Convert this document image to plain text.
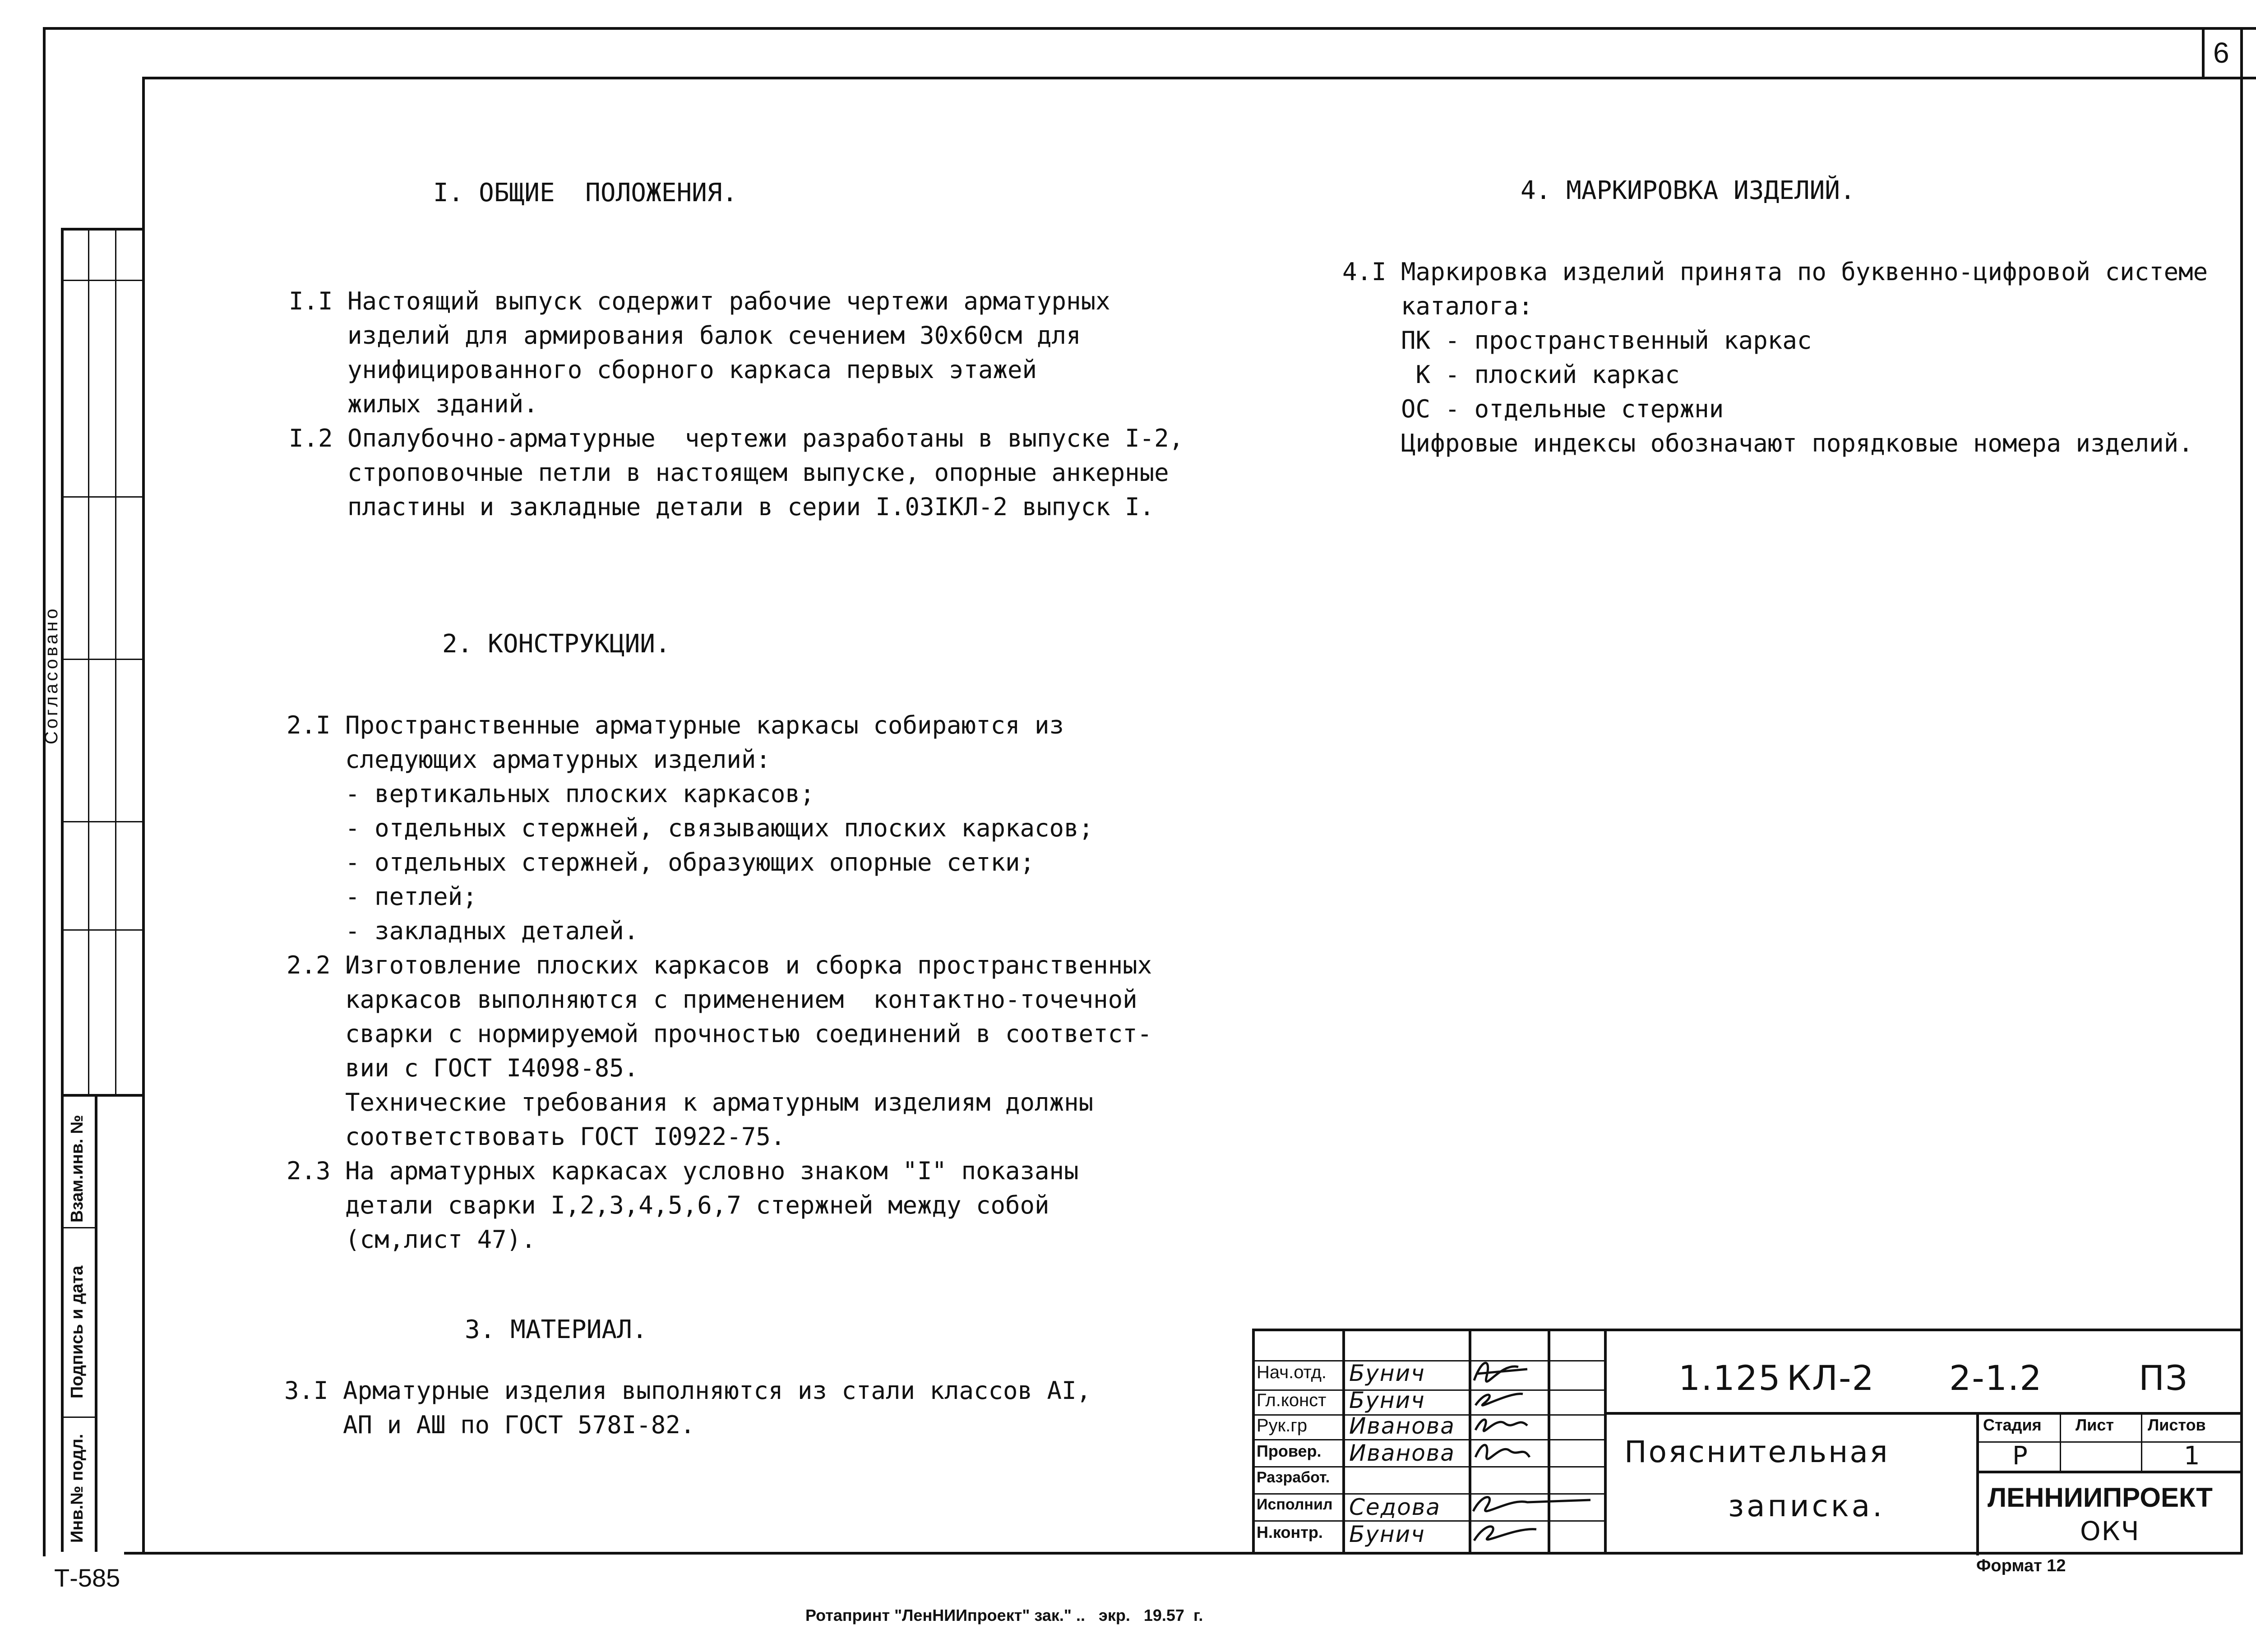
6
Согласовано
Взам.инв. №
Подпись и дата
Инв.№ подл.
Т-585
I. ОБЩИЕ  ПОЛОЖЕНИЯ.
I.I Настоящий выпуск содержит рабочие чертежи арматурных
изделий для армирования балок сечением 30х60см для
унифицированного сборного каркаса первых этажей
жилых зданий.
I.2 Опалубочно-арматурные  чертежи разработаны в выпуске I-2,
строповочные петли в настоящем выпуске, опорные анкерные
пластины и закладные детали в серии I.03IКЛ-2 выпуск I.
2. КОНСТРУКЦИИ.
2.I Пространственные арматурные каркасы собираются из
следующих арматурных изделий:
- вертикальных плоских каркасов;
- отдельных стержней, связывающих плоских каркасов;
- отдельных стержней, образующих опорные сетки;
- петлей;
- закладных деталей.
2.2 Изготовление плоских каркасов и сборка пространственных
каркасов выполняются с применением  контактно-точечной
сварки с нормируемой прочностью соединений в соответст-
вии с ГОСТ I4098-85.
Технические требования к арматурным изделиям должны
соответствовать ГОСТ I0922-75.
2.3 На арматурных каркасах условно знаком "I" показаны
детали сварки I,2,3,4,5,6,7 стержней между собой
(см,лист 47).
3. МАТЕРИАЛ.
3.I Арматурные изделия выполняются из стали классов АI,
АП и АШ по ГОСТ 578I-82.
4. МАРКИРОВКА ИЗДЕЛИЙ.
4.I Маркировка изделий принята по буквенно-цифровой системе
каталога:
ПК - пространственный каркас
К - плоский каркас
ОС - отдельные стержни
Цифровые индексы обозначают порядковые номера изделий.
Нач.отд.
Гл.конст
Рук.гр
Провер.
Разработ.
Исполнил
Н.контр.
Бунич
Бунич
Иванова
Иванова
Седова
Бунич
1.125 КЛ-2 2-1.2	ПЗ
Пояснительная
записка.
Стадия Лист Листов
Р	1
ЛЕННИИПРОЕКТ
ОКЧ
Формат 12
Ротапринт "ЛенНИИпроект" зак." ..   экр.   19.57  г.
